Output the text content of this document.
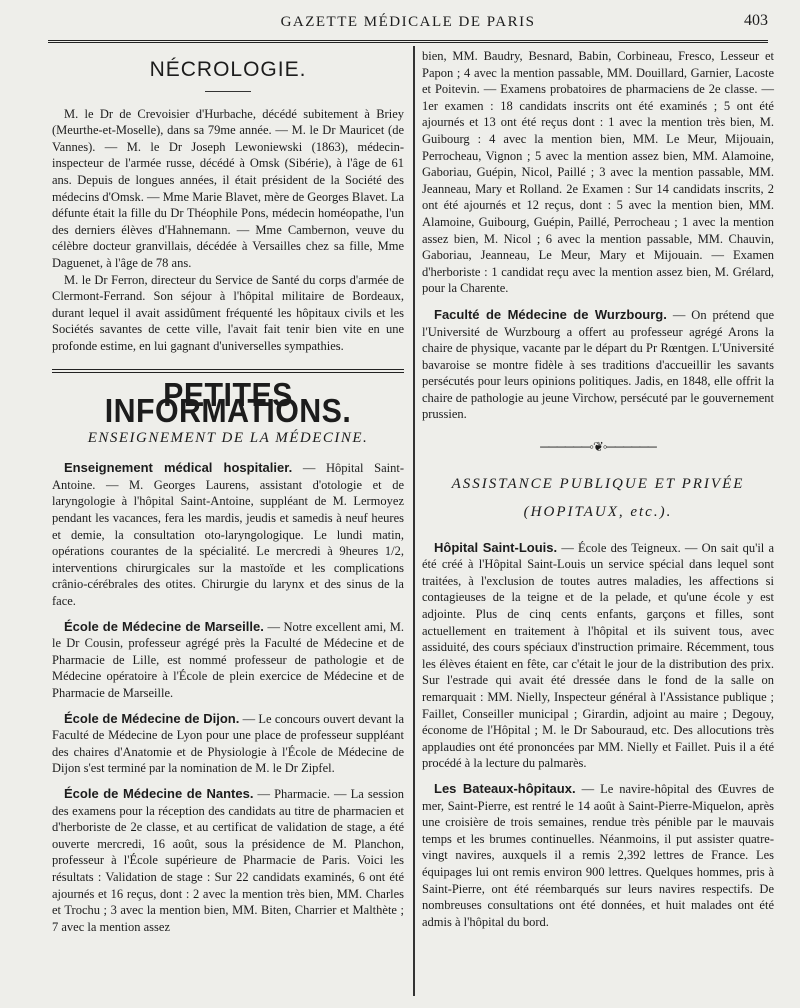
GAZETTE MÉDICALE DE PARIS	403
NÉCROLOGIE.

M. le Dr de Crevoisier d'Hurbache, décédé subitement à Briey (Meurthe-et-Moselle), dans sa 79me année. — M. le Dr Mauricet (de Vannes). — M. le Dr Joseph Lewoniewski (1863), médecin-inspecteur de l'armée russe, décédé à Omsk (Sibérie), à l'âge de 61 ans. Depuis de longues années, il était président de la Société des médecins d'Omsk. — Mme Marie Blavet, mère de Georges Blavet. La défunte était la fille du Dr Théophile Pons, médecin homéopathe, l'un des derniers élèves d'Hahnemann. — Mme Cambernon, veuve du célèbre docteur granvillais, décédée à Versailles chez sa fille, Mme Daguenet, à l'âge de 78 ans.

M. le Dr Ferron, directeur du Service de Santé du corps d'armée de Clermont-Ferrand. Son séjour à l'hôpital militaire de Bordeaux, durant lequel il avait assidûment fréquenté les hôpitaux civils et les Sociétés savantes de cette ville, l'avait fait tenir bien vite en une profonde estime, en lui gagnant d'universelles sympathies.

PETITES INFORMATIONS.
ENSEIGNEMENT DE LA MÉDECINE.

Enseignement médical hospitalier. — Hôpital Saint-Antoine. — M. Georges Laurens, assistant d'otologie et de laryngologie à l'hôpital Saint-Antoine, suppléant de M. Lermoyez pendant les vacances, fera les mardis, jeudis et samedis à neuf heures et demie, la consultation oto-laryngologique. Le lundi matin, opérations courantes de la spécialité. Le mercredi à 9heures 1/2, interventions chirurgicales sur la mastoïde et les complications crânio-cérébrales des otites. Chirurgie du larynx et des sinus de la face.

École de Médecine de Marseille. — Notre excellent ami, M. le Dr Cousin, professeur agrégé près la Faculté de Médecine et de Pharmacie de Lille, est nommé professeur de pathologie et de Médecine opératoire à l'École de plein exercice de Médecine et de Pharmacie de Marseille.

École de Médecine de Dijon. — Le concours ouvert devant la Faculté de Médecine de Lyon pour une place de professeur suppléant des chaires d'Anatomie et de Physiologie à l'École de Médecine de Dijon s'est terminé par la nomination de M. le Dr Zipfel.

École de Médecine de Nantes. — Pharmacie. — La session des examens pour la réception des candidats au titre de pharmacien et d'herboriste de 2e classe, et au certificat de validation de stage, a été ouverte mercredi, 16 août, sous la présidence de M. Planchon, professeur à l'École supérieure de Pharmacie de Paris. Voici les résultats : Validation de stage : Sur 22 candidats examinés, 6 ont été ajournés et 16 reçus, dont : 2 avec la mention très bien, MM. Charles et Trochu ; 3 avec la mention bien, MM. Biten, Charrier et Malthète ; 7 avec la mention assez

bien, MM. Baudry, Besnard, Babin, Corbineau, Fresco, Lesseur et Papon ; 4 avec la mention passable, MM. Douillard, Garnier, Lacoste et Poitevin. — Examens probatoires de pharmaciens de 2e classe. — 1er examen : 18 candidats inscrits ont été examinés ; 5 ont été ajournés et 13 ont été reçus dont : 1 avec la mention très bien, M. Guibourg : 4 avec la mention bien, MM. Le Meur, Mijouain, Perrocheau, Vignon ; 5 avec la mention assez bien, MM. Alamoine, Gaboriau, Guépin, Nicol, Paillé ; 3 avec la mention passable, MM. Jeanneau, Mary et Rolland. 2e Examen : Sur 14 candidats inscrits, 2 ont été ajournés et 12 reçus, dont : 5 avec la mention bien, MM. Alamoine, Guibourg, Guépin, Paillé, Perrocheau ; 1 avec la mention assez bien, M. Nicol ; 6 avec la mention passable, MM. Chauvin, Gaboriau, Jeanneau, Le Meur, Mary et Mijouain. — Examen d'herboriste : 1 candidat reçu avec la mention assez bien, M. Grélard, pour la Charente.

Faculté de Médecine de Wurzbourg. — On prétend que l'Université de Wurzbourg a offert au professeur agrégé Arons la chaire de physique, vacante par le départ du Pr Rœntgen. L'Université bavaroise se montre fidèle à ses traditions d'accueillir les savants persécutés pour leurs opinions politiques. Jadis, en 1848, elle offrit la chaire de pathologie au jeune Virchow, persécuté par le gouvernement prussien.

──────◦❦◦──────
ASSISTANCE PUBLIQUE ET PRIVÉE
(HOPITAUX, etc.).

Hôpital Saint-Louis. — École des Teigneux. — On sait qu'il a été créé à l'Hôpital Saint-Louis un service spécial dans lequel sont traitées, à l'exclusion de toutes autres maladies, les affections si contagieuses de la teigne et de la pelade, et qu'une école y est adjointe. Plus de cinq cents enfants, garçons et filles, sont actuellement en traitement à l'hôpital et ils suivent tous, avec assiduité, des cours spéciaux d'instruction primaire. Récemment, tous les élèves étaient en fête, car c'était le jour de la distribution des prix. Sur l'estrade qui avait été dressée dans le fond de la salle on remarquait : MM. Nielly, Inspecteur général à l'Assistance publique ; Faillet, Conseiller municipal ; Girardin, adjoint au maire ; Degouy, économe de l'Hôpital ; M. le Dr Sabouraud, etc. Des allocutions très applaudies ont été prononcées par MM. Nielly et Faillet. Puis il a été procédé à la lecture du palmarès.

Les Bateaux-hôpitaux. — Le navire-hôpital des Œuvres de mer, Saint-Pierre, est rentré le 14 août à Saint-Pierre-Miquelon, après une croisière de trois semaines, rendue très pénible par le mauvais temps et les brumes continuelles. Néanmoins, il put assister quatre-vingt navires, auxquels il a remis 2,392 lettres de France. Les équipages lui ont remis environ 900 lettres. Quelques hommes, pris à Saint-Pierre, ont été réembarqués sur leurs navires respectifs. De nombreuses consultations ont été données, et huit malades ont été admis à l'hôpital du bord.
